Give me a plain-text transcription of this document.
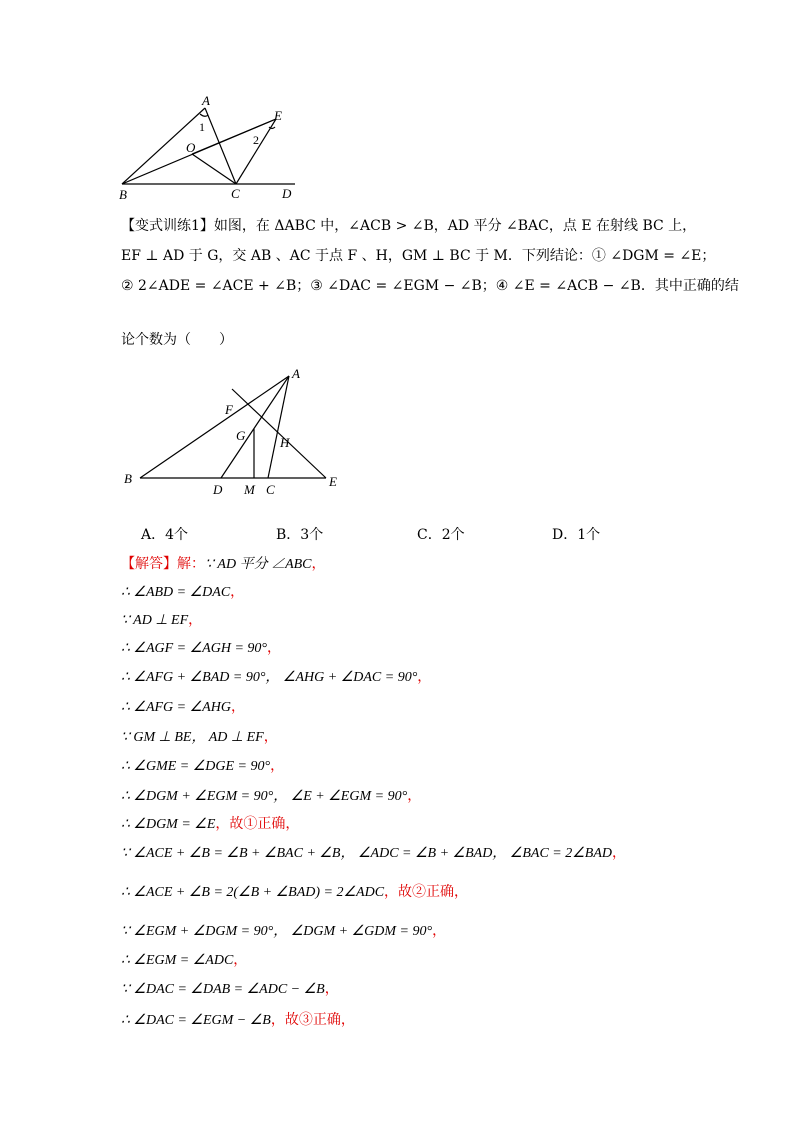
A
1
O
E
2
B	C	D
【变式训练1】如图，在 ΔABC 中，∠ACB > ∠B，AD 平分 ∠BAC，点 E 在射线 BC 上，
EF ⊥ AD 于 G，交 AB 、AC 于点 F 、H，GM ⊥ BC 于 M．下列结论：① ∠DGM = ∠E；
② 2∠ADE = ∠ACE + ∠B；③ ∠DAC = ∠EGM − ∠B；④ ∠E = ∠ACB − ∠B．其中正确的结
论个数为（　　）
A
F
G	H
B
D M C
E
A．4个	B．3个	C．2个	D．1个
【解答】解：∵ AD 平分 ∠ABC，
∴ ∠ABD = ∠DAC，
∵ AD ⊥ EF，
∴ ∠AGF = ∠AGH = 90°，
∴ ∠AFG + ∠BAD = 90°， ∠AHG + ∠DAC = 90°，
∴ ∠AFG = ∠AHG，
∵ GM ⊥ BE， AD ⊥ EF，
∴ ∠GME = ∠DGE = 90°，
∴ ∠DGM + ∠EGM = 90°， ∠E + ∠EGM = 90°，
∴ ∠DGM = ∠E，故①正确，
∵ ∠ACE + ∠B = ∠B + ∠BAC + ∠B， ∠ADC = ∠B + ∠BAD， ∠BAC = 2∠BAD，
∴ ∠ACE + ∠B = 2(∠B + ∠BAD) = 2∠ADC，故②正确，
∵ ∠EGM + ∠DGM = 90°， ∠DGM + ∠GDM = 90°，
∴ ∠EGM = ∠ADC，
∵ ∠DAC = ∠DAB = ∠ADC − ∠B，
∴ ∠DAC = ∠EGM − ∠B，故③正确，
